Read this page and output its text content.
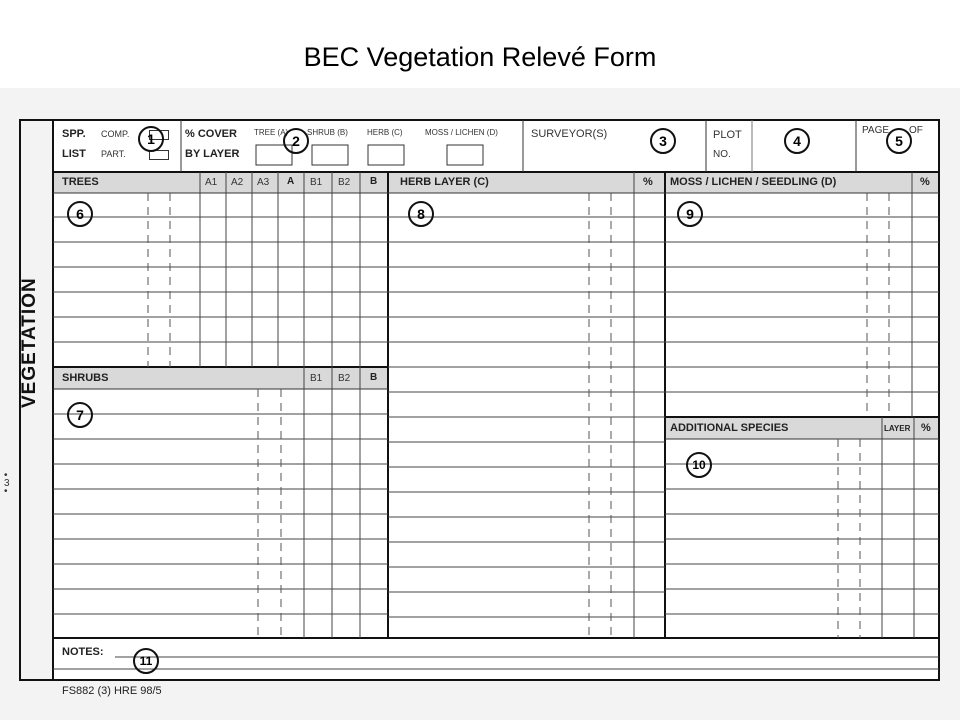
BEC Vegetation Relevé Form
VEGETATION
SPP.
LIST
COMP.
PART.
% COVER
BY LAYER
TREE (A) SHRUB (B) HERB (C)	MOSS / LICHEN (D)	SURVEYOR(S)	PLOT
NO.
PAGE OF
TREES	A1 A2 A3 A B1 B2 B
SHRUBS	B1 B2 B
HERB LAYER (C)	% MOSS / LICHEN / SEEDLING (D)	%
ADDITIONAL SPECIES	LAYER %
NOTES:
1	2	3	4	5
6
7
8	9
10
11
•
3
•
FS882 (3) HRE 98/5
